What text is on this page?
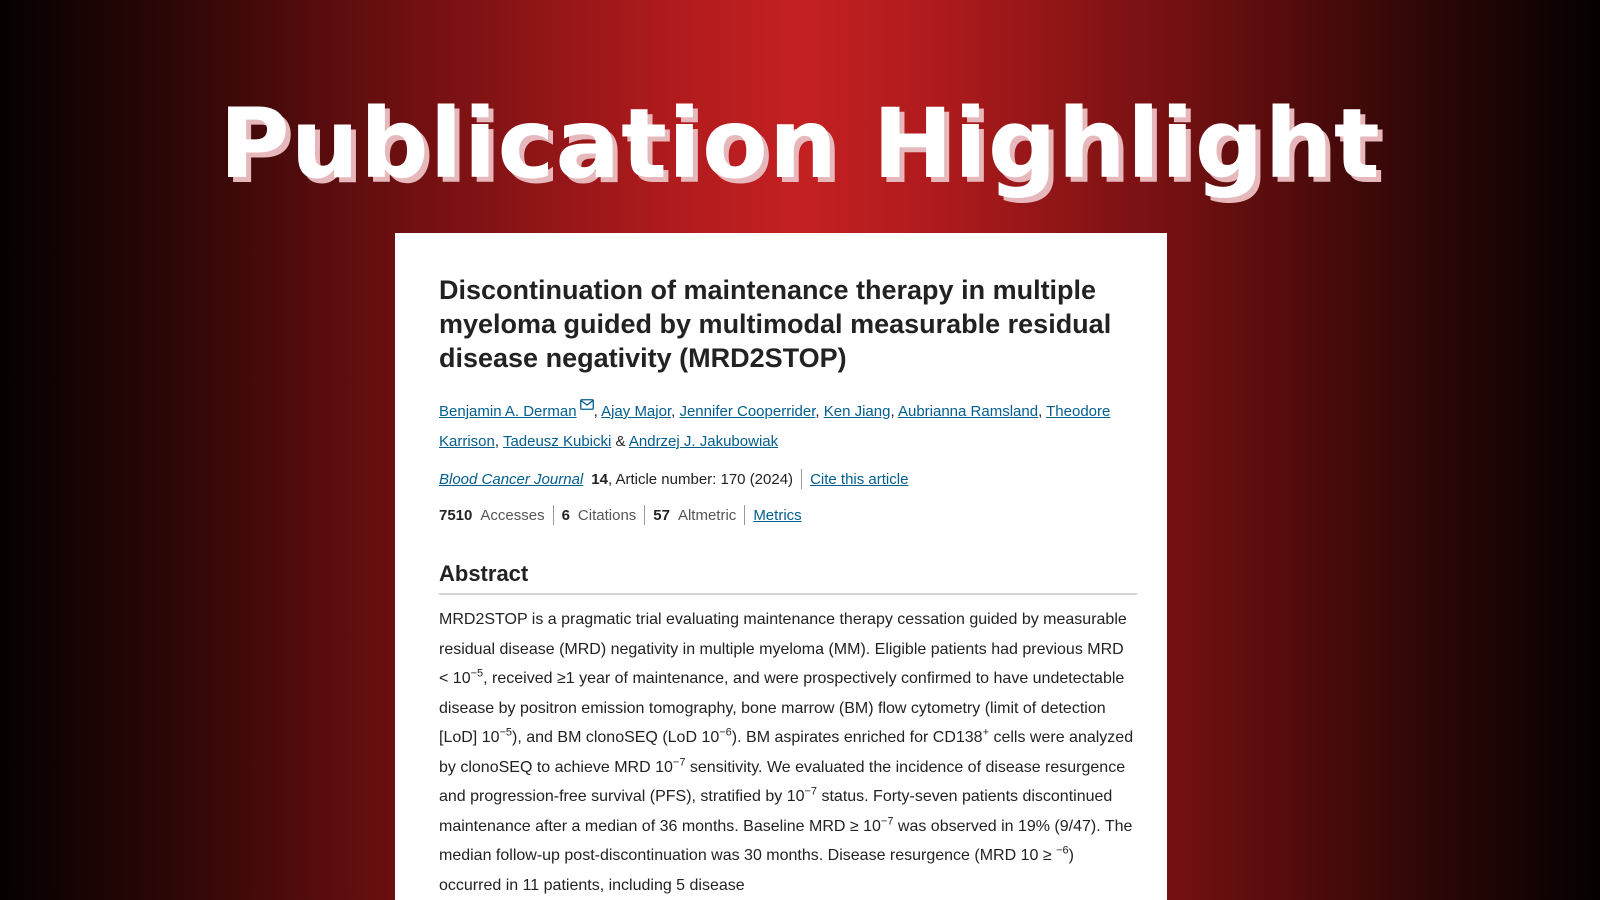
Publication Highlight
Discontinuation of maintenance therapy in multiple myeloma guided by multimodal measurable residual disease negativity (MRD2STOP)
Benjamin A. Derman , Ajay Major, Jennifer Cooperrider, Ken Jiang, Aubrianna Ramsland, Theodore Karrison, Tadeusz Kubicki & Andrzej J. Jakubowiak
Blood Cancer Journal 14 , Article number: 170 (2024) Cite this article
7510 Accesses 6 Citations 57 Altmetric Metrics
Abstract

MRD2STOP is a pragmatic trial evaluating maintenance therapy cessation guided by measurable residual disease (MRD) negativity in multiple myeloma (MM). Eligible patients had previous MRD < $10^{-5}$, received ≥1 year of maintenance, and were prospectively confirmed to have undetectable disease by positron emission tomography, bone marrow (BM) flow cytometry (limit of detection [LoD] $10^{-5}$), and BM clonoSEQ (LoD $10^{-6}$). BM aspirates enriched for CD138+ cells were analyzed by clonoSEQ to achieve MRD $10^{-7}$ sensitivity. We evaluated the incidence of disease resurgence and progression-free survival (PFS), stratified by $10^{-7}$ status. Forty-seven patients discontinued maintenance after a median of 36 months. Baseline MRD ≥ $10^{-7}$ was observed in 19% (9/47). The median follow-up post-discontinuation was 30 months. Disease resurgence (MRD 10 ≥ $^{-6}$) occurred in 11 patients, including 5 disease
